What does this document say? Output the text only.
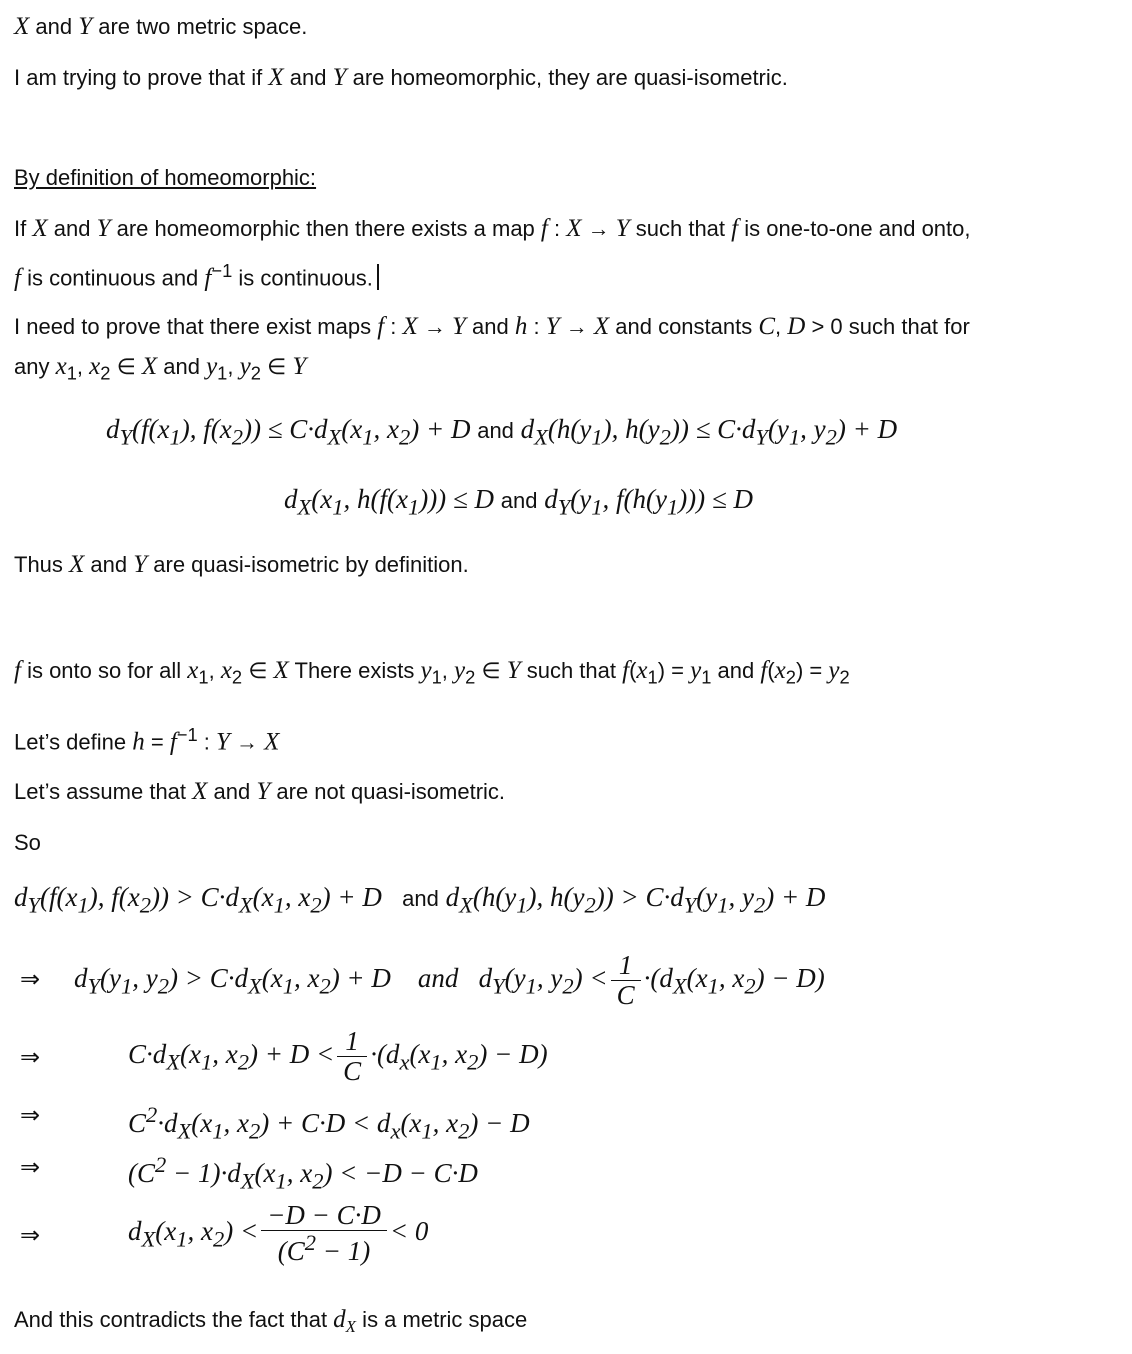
X and Y are two metric space.
I am trying to prove that if X and Y are homeomorphic, they are quasi-isometric.
By definition of homeomorphic:
If X and Y are homeomorphic then there exists a map f : X → Y such that f is one-to-one and onto,
f is continuous and $f^{-1}$ is continuous.
I need to prove that there exist maps f : X → Y and h : Y → X and constants C, D > 0 such that for
any $x_1$, $x_2$ ∈ X and $y_1$, $y_2$ ∈ Y
$d_Y(f(x_1)$, $f(x_2)) \le C\cdot d_X(x_1$, $x_2) + D$ and $d_X(h(y_1)$, $h(y_2)) \le C\cdot d_Y(y_1$, $y_2) + D$
$d_X(x_1$, $h(f(x_1))) \le D$ and $d_Y(y_1$, $f(h(y_1))) \le D$
Thus X and Y are quasi-isometric by definition.
f is onto so for all $x_1$, $x_2$ ∈ X There exists $y_1$, $y_2$ ∈ Y such that $f(x_1) = y_1$ and $f(x_2) = y_2$
Let’s define $h = f^{-1}$ : Y → X
Let’s assume that X and Y are not quasi-isometric.
So
$d_Y(f(x_1)$, $f(x_2)) > C\cdot d_X(x_1$, $x_2) + D$   and $d_X(h(y_1)$, $h(y_2)) > C\cdot d_Y(y_1$, $y_2) + D$
⇒ $d_Y(y_1$, $y_2) > C\cdot d_X(x_1$, $x_2) + D$    and   $d_Y(y_1$, $y_2) < \frac{1}{C} \cdot(d_X(x_1$, $x_2) - D$)
⇒	$C\cdot d_X(x_1$, $x_2) + D < \frac{1}{C} \cdot(d_x(x_1$, $x_2) - D$)
⇒	$C^2\cdot d_X(x_1$, $x_2) + C\cdot D < d_x(x_1$, $x_2) - D$
⇒	$(C^2 - 1)\cdot d_X(x_1$, $x_2) < -D - C\cdot D$
⇒	$d_X(x_1$, $x_2) < \frac{-D - C\cdot D}{(C^2 - 1)} < 0$
And this contradicts the fact that $d_X$ is a metric space
